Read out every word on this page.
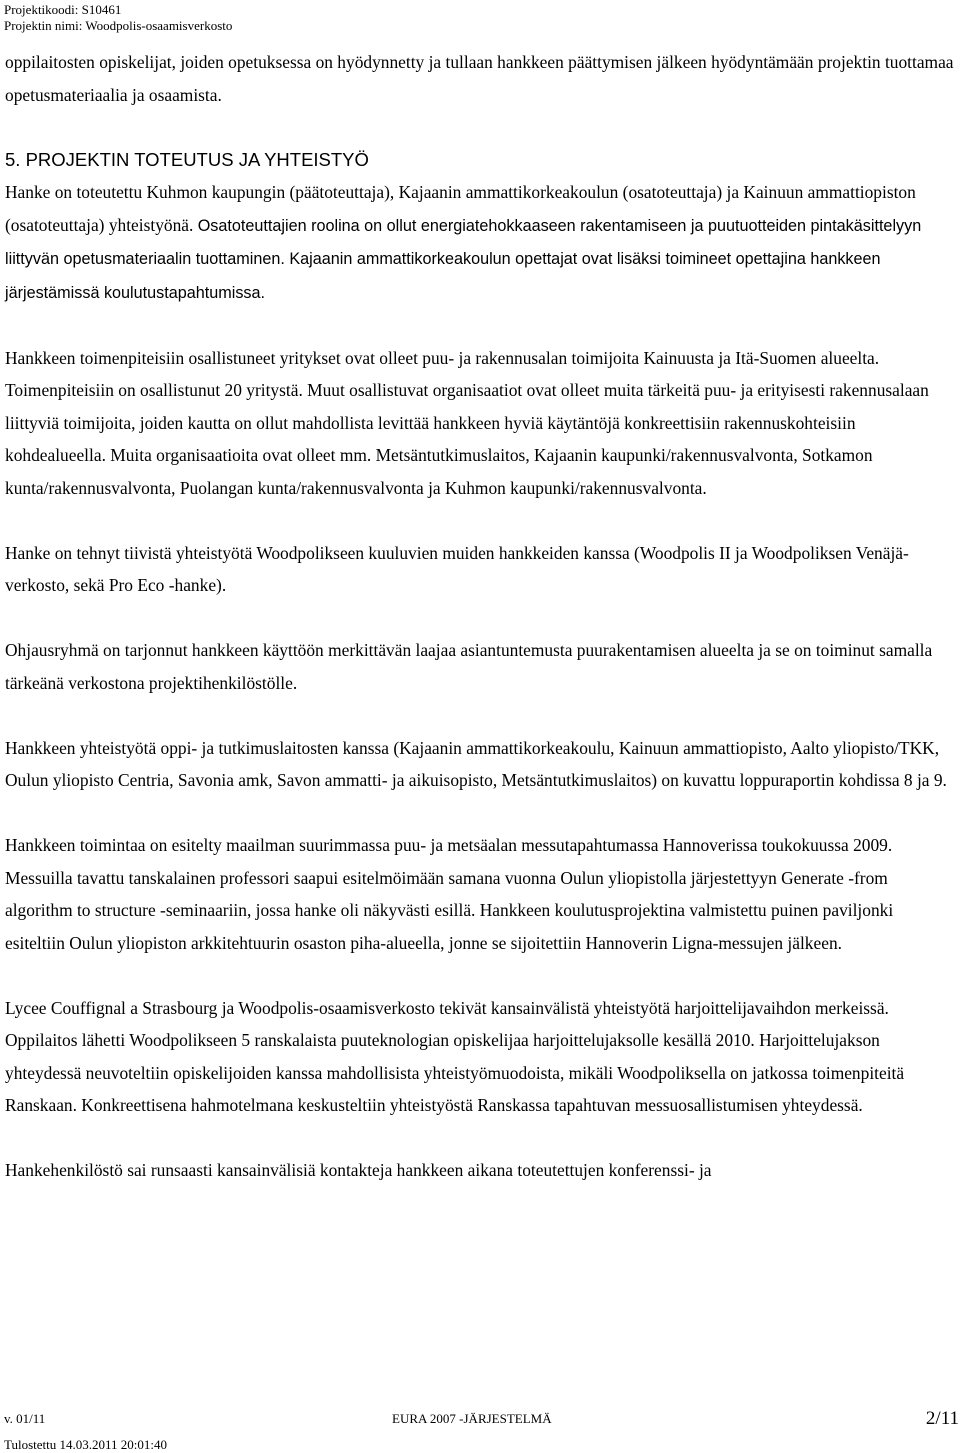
Projektikoodi: S10461
Projektin nimi: Woodpolis-osaamisverkosto

oppilaitosten opiskelijat, joiden opetuksessa on hyödynnetty ja tullaan hankkeen päättymisen jälkeen hyödyntämään projektin tuottamaa opetusmateriaalia ja osaamista.

5. PROJEKTIN TOTEUTUS JA YHTEISTYÖ

Hanke on toteutettu Kuhmon kaupungin (päätoteuttaja), Kajaanin ammattikorkeakoulun (osatoteuttaja) ja Kainuun ammattiopiston (osatoteuttaja) yhteistyönä. Osatoteuttajien roolina on ollut energiatehokkaaseen rakentamiseen ja puutuotteiden pintakäsittelyyn liittyvän opetusmateriaalin tuottaminen. Kajaanin ammattikorkeakoulun opettajat ovat lisäksi toimineet opettajina hankkeen järjestämissä koulutustapahtumissa.

Hankkeen toimenpiteisiin osallistuneet yritykset ovat olleet puu- ja rakennusalan toimijoita Kainuusta ja Itä-Suomen alueelta. Toimenpiteisiin on osallistunut 20 yritystä. Muut osallistuvat organisaatiot ovat olleet muita tärkeitä puu- ja erityisesti rakennusalaan liittyviä toimijoita, joiden kautta on ollut mahdollista levittää hankkeen hyviä käytäntöjä konkreettisiin rakennuskohteisiin kohdealueella. Muita organisaatioita ovat olleet mm. Metsäntutkimuslaitos, Kajaanin kaupunki/rakennusvalvonta, Sotkamon kunta/rakennusvalvonta, Puolangan kunta/rakennusvalvonta ja Kuhmon kaupunki/rakennusvalvonta.

Hanke on tehnyt tiivistä yhteistyötä Woodpolikseen kuuluvien muiden hankkeiden kanssa (Woodpolis II ja Woodpoliksen Venäjä-verkosto, sekä Pro Eco -hanke).

Ohjausryhmä on tarjonnut hankkeen käyttöön merkittävän laajaa asiantuntemusta puurakentamisen alueelta ja se on toiminut samalla tärkeänä verkostona projektihenkilöstölle.

Hankkeen yhteistyötä oppi- ja tutkimuslaitosten kanssa (Kajaanin ammattikorkeakoulu, Kainuun ammattiopisto, Aalto yliopisto/TKK, Oulun yliopisto Centria, Savonia amk, Savon ammatti- ja aikuisopisto, Metsäntutkimuslaitos) on kuvattu loppuraportin kohdissa 8 ja 9.

Hankkeen toimintaa on esitelty maailman suurimmassa puu- ja metsäalan messutapahtumassa Hannoverissa toukokuussa 2009. Messuilla tavattu tanskalainen professori saapui esitelmöimään samana vuonna Oulun yliopistolla järjestettyyn Generate -from algorithm to structure -seminaariin, jossa hanke oli näkyvästi esillä. Hankkeen koulutusprojektina valmistettu puinen paviljonki esiteltiin Oulun yliopiston arkkitehtuurin osaston piha-alueella, jonne se sijoitettiin Hannoverin Ligna-messujen jälkeen.

Lycee Couffignal a Strasbourg ja Woodpolis-osaamisverkosto tekivät kansainvälistä yhteistyötä harjoittelijavaihdon merkeissä. Oppilaitos lähetti Woodpolikseen 5 ranskalaista puuteknologian opiskelijaa harjoittelujaksolle kesällä 2010. Harjoittelujakson yhteydessä neuvoteltiin opiskelijoiden kanssa mahdollisista yhteistyömuodoista, mikäli Woodpoliksella on jatkossa toimenpiteitä Ranskaan. Konkreettisena hahmotelmana keskusteltiin yhteistyöstä Ranskassa tapahtuvan messuosallistumisen yhteydessä.

Hankehenkilöstö sai runsaasti kansainvälisiä kontakteja hankkeen aikana toteutettujen konferenssi- ja

v. 01/11	EURA 2007 -JÄRJESTELMÄ	2/11
Tulostettu 14.03.2011 20:01:40
